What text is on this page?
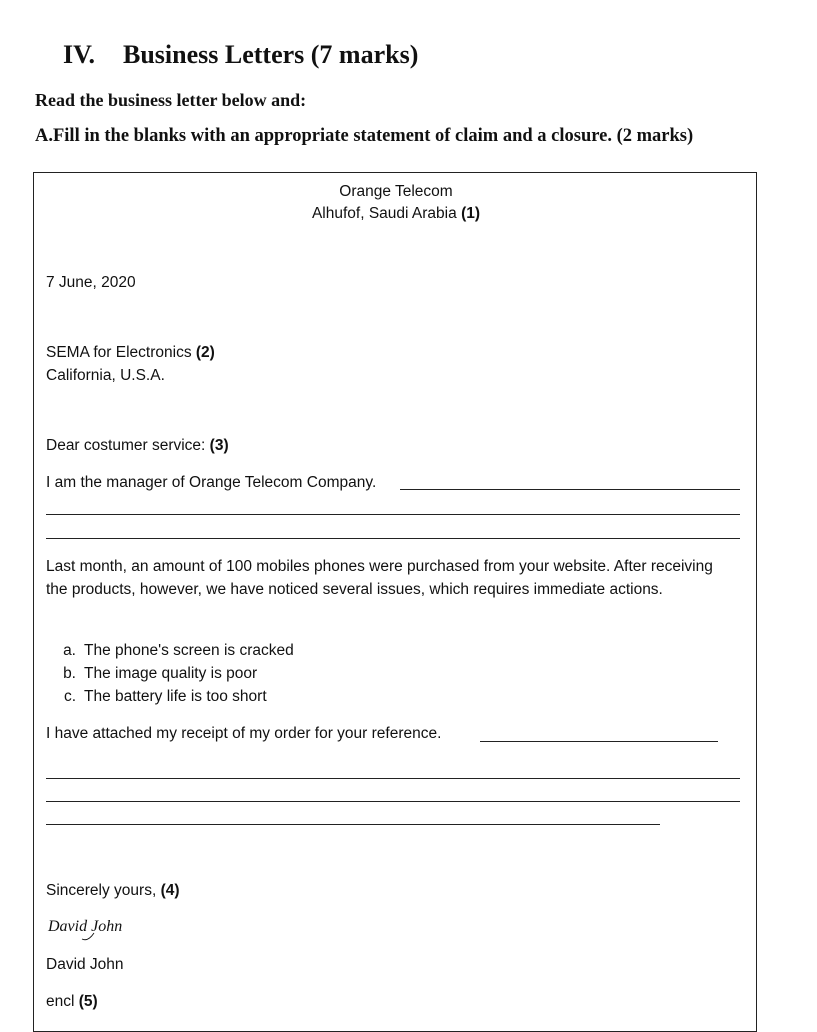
IV. Business Letters (7 marks)
Read the business letter below and:
A.Fill in the blanks with an appropriate statement of claim and a closure. (2 marks)
Orange Telecom
Alhufof, Saudi Arabia (1)
7 June, 2020
SEMA for Electronics (2)
California, U.S.A.
Dear costumer service: (3)
I am the manager of Orange Telecom Company.
Last month, an amount of 100 mobiles phones were purchased from your website. After receiving the products, however, we have noticed several issues, which requires immediate actions.
a. The phone's screen is cracked
b. The image quality is poor
c. The battery life is too short
I have attached my receipt of my order for your reference.
Sincerely yours, (4)
David John
David John
encl (5)
